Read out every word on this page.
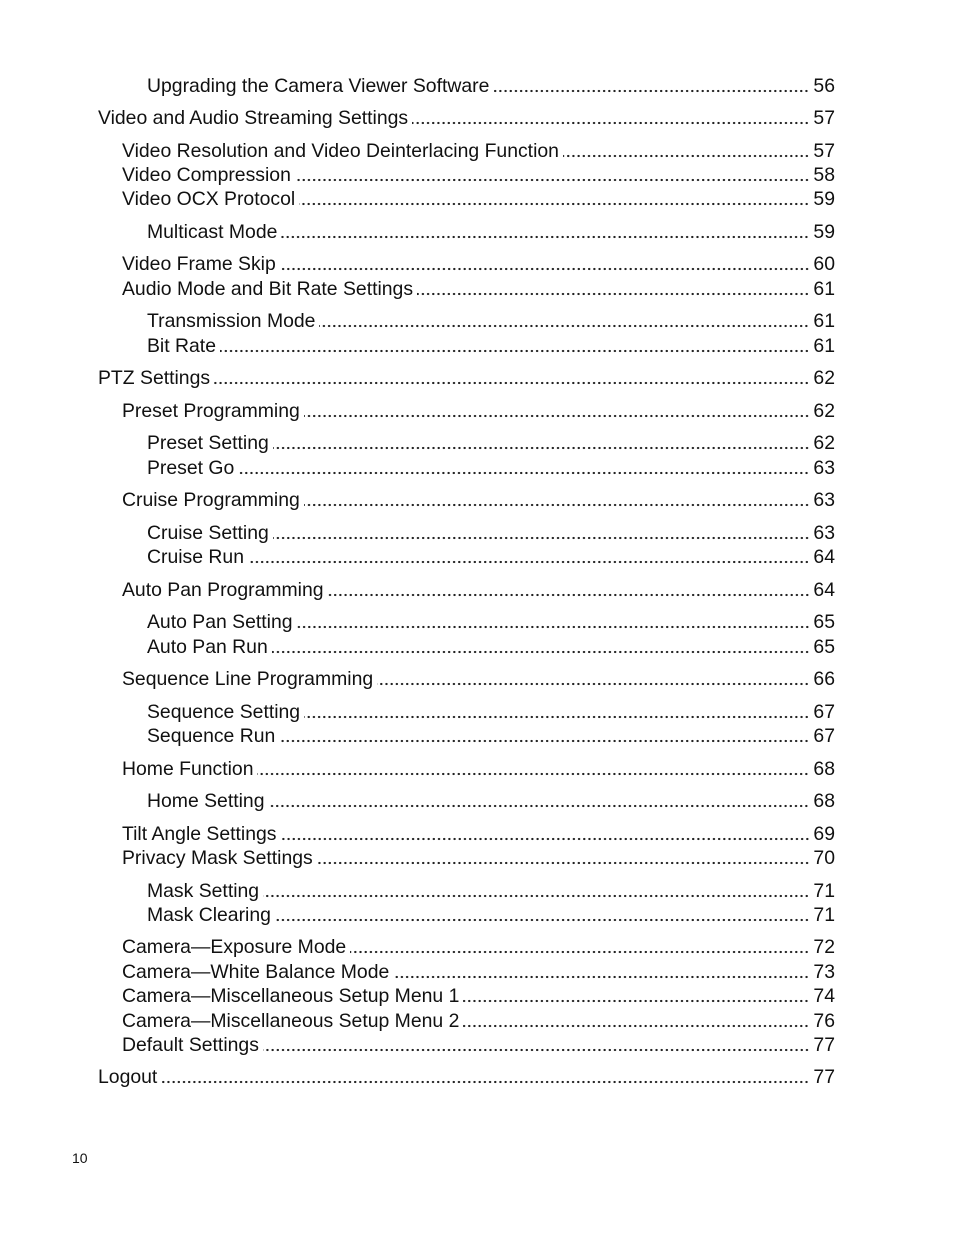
Upgrading the Camera Viewer Software	56
Video and Audio Streaming Settings	57
Video Resolution and Video Deinterlacing Function	57
Video Compression	58
Video OCX Protocol	59
Multicast Mode	59
Video Frame Skip	60
Audio Mode and Bit Rate Settings	61
Transmission Mode	61
Bit Rate	61
PTZ Settings	62
Preset Programming	62
Preset Setting	62
Preset Go	63
Cruise Programming	63
Cruise Setting	63
Cruise Run	64
Auto Pan Programming	64
Auto Pan Setting	65
Auto Pan Run	65
Sequence Line Programming	66
Sequence Setting	67
Sequence Run	67
Home Function	68
Home Setting	68
Tilt Angle Settings	69
Privacy Mask Settings	70
Mask Setting	71
Mask Clearing	71
Camera—Exposure Mode	72
Camera—White Balance Mode	73
Camera—Miscellaneous Setup Menu 1	74
Camera—Miscellaneous Setup Menu 2	76
Default Settings	77
Logout	77
10
